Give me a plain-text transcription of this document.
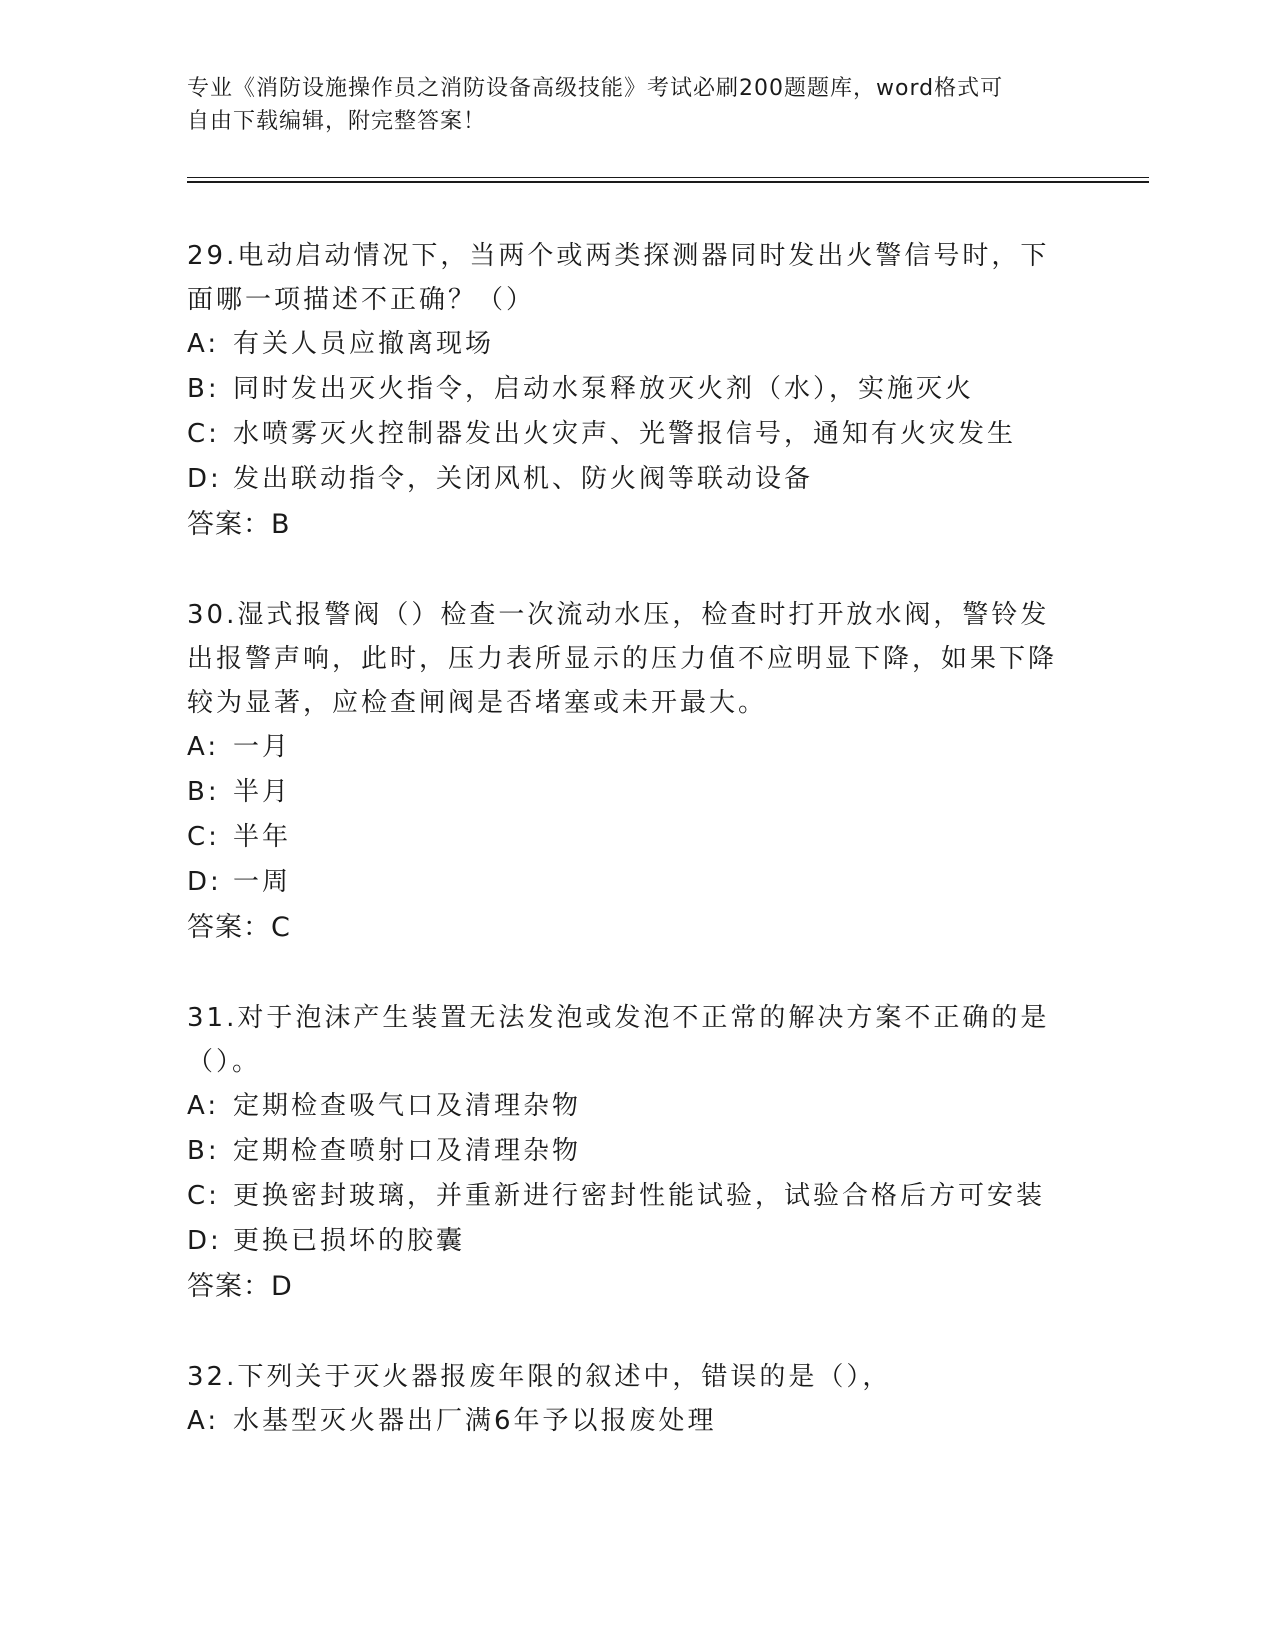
专业《消防设施操作员之消防设备高级技能》考试必刷200题题库，word格式可
自由下载编辑，附完整答案！

29.电动启动情况下，当两个或两类探测器同时发出火警信号时，下面哪一项描述不正确？（）

A: 有关人员应撤离现场
B: 同时发出灭火指令，启动水泵释放灭火剂（水），实施灭火
C: 水喷雾灭火控制器发出火灾声、光警报信号，通知有火灾发生
D: 发出联动指令，关闭风机、防火阀等联动设备
答案：B

30.湿式报警阀（）检查一次流动水压，检查时打开放水阀，警铃发出报警声响，此时，压力表所显示的压力值不应明显下降，如果下降较为显著，应检查闸阀是否堵塞或未开最大。

A: 一月
B: 半月
C: 半年
D: 一周
答案：C

31.对于泡沫产生装置无法发泡或发泡不正常的解决方案不正确的是（）。

A: 定期检查吸气口及清理杂物
B: 定期检查喷射口及清理杂物
C: 更换密封玻璃，并重新进行密封性能试验，试验合格后方可安装
D: 更换已损坏的胶囊
答案：D

32.下列关于灭火器报废年限的叙述中，错误的是（），

A: 水基型灭火器出厂满6年予以报废处理
